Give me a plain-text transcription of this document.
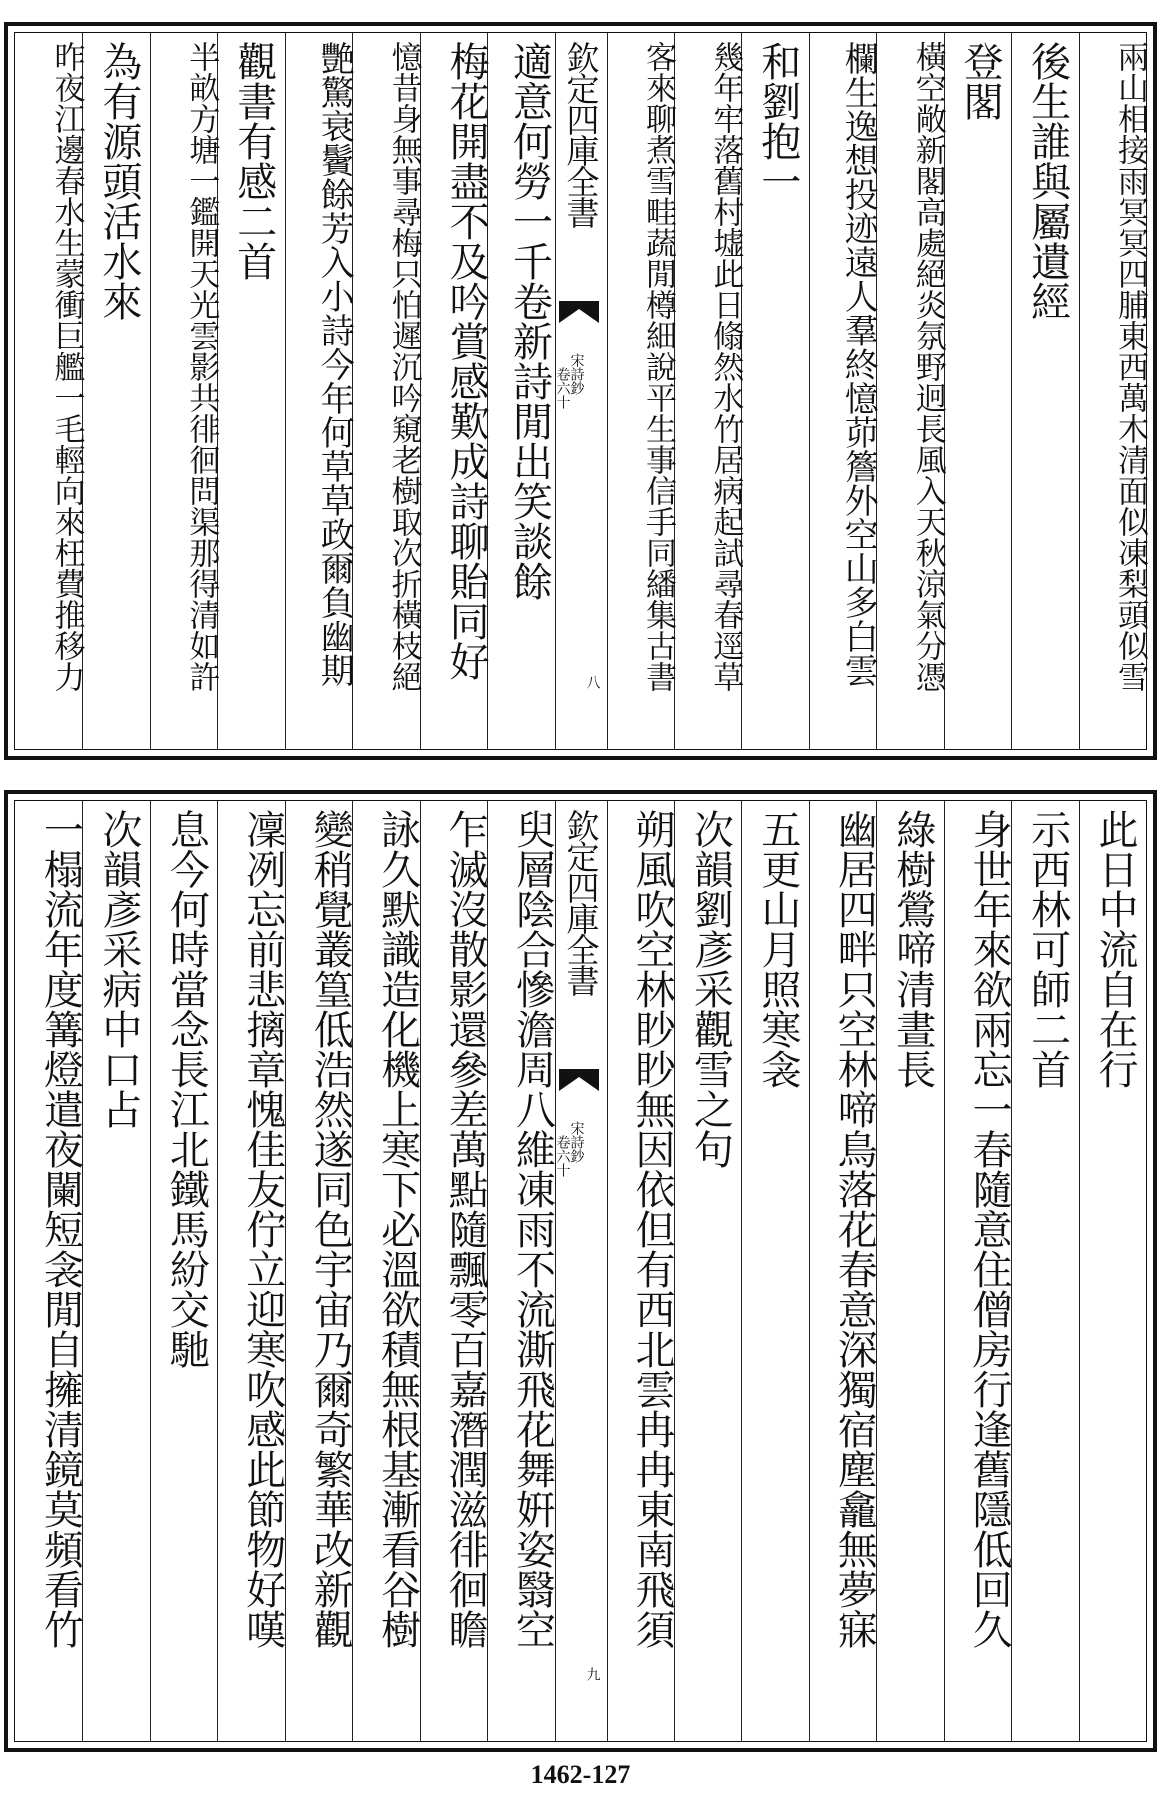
兩山相接雨冥冥四脯東西萬木清面似凍梨頭似雪
後生誰與屬遺經
登閣
橫空敞新閣高處絕炎氛野迥長風入天秋涼氣分憑
欄生逸想投迹遠人羣終憶茆簷外空山多白雲
和劉抱一
幾年牢落舊村墟此日翛然水竹居病起試尋春逕草
客來聊煮雪畦蔬閒樽細說平生事信手同繙集古書
欽定四庫全書
宋詩鈔
卷六十
八
適意何勞一千卷新詩閒出笑談餘
梅花開盡不及吟賞感歎成詩聊貽同好
憶昔身無事尋梅只怕遲沉吟窺老樹取次折橫枝絕
艷驚衰鬢餘芳入小詩今年何草草政爾負幽期
觀書有感二首
半畝方塘一鑑開天光雲影共徘徊問渠那得清如許
為有源頭活水來
昨夜江邊春水生蒙衝巨艦一毛輕向來枉費推移力
此日中流自在行
示西林可師二首
身世年來欲兩忘一春隨意住僧房行逢舊隱低回久
綠樹鶯啼清晝長
幽居四畔只空林啼鳥落花春意深獨宿塵龕無夢寐
五更山月照寒衾
次韻劉彥采觀雪之句
朔風吹空林眇眇無因依但有西北雲冉冉東南飛須
欽定四庫全書
宋詩鈔
卷六十
九
臾層陰合慘澹周八維凍雨不流澌飛花舞姸姿翳空
乍滅沒散影還參差萬點隨飄零百嘉潛潤滋徘徊瞻
詠久默識造化機上寒下必溫欲積無根基漸看谷樹
變稍覺叢篁低浩然遂同色宇宙乃爾奇繁華改新觀
凜冽忘前悲摛章愧佳友佇立迎寒吹感此節物好嘆
息今何時當念長江北鐵馬紛交馳
次韻彥采病中口占
一榻流年度篝燈遣夜闌短衾閒自擁清鏡莫頻看竹
1462-127
